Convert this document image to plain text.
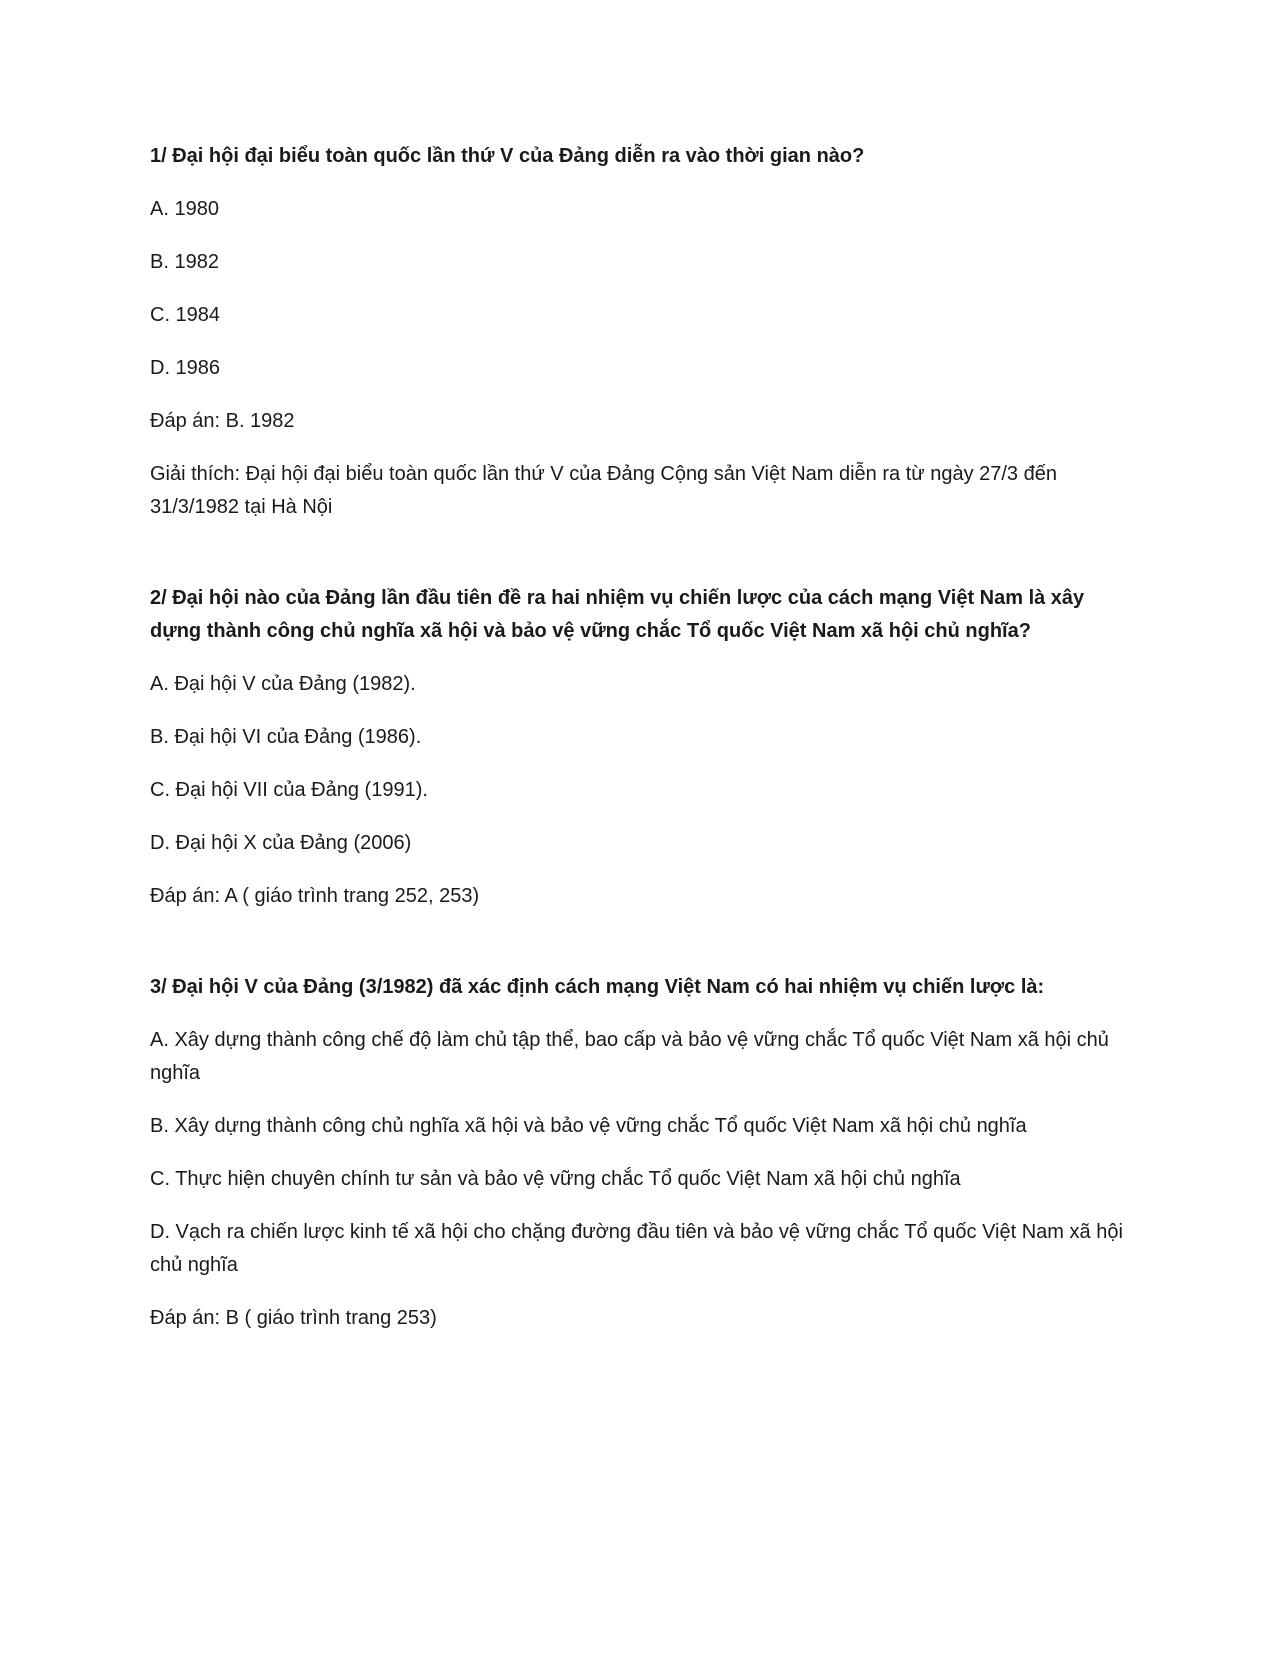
1/ Đại hội đại biểu toàn quốc lần thứ V của Đảng diễn ra vào thời gian nào?

A. 1980

B. 1982

C. 1984

D. 1986

Đáp án: B. 1982

Giải thích: Đại hội đại biểu toàn quốc lần thứ V của Đảng Cộng sản Việt Nam diễn ra từ ngày 27/3 đến 31/3/1982 tại Hà Nội

2/ Đại hội nào của Đảng lần đầu tiên đề ra hai nhiệm vụ chiến lược của cách mạng Việt Nam là xây dựng thành công chủ nghĩa xã hội và bảo vệ vững chắc Tổ quốc Việt Nam xã hội chủ nghĩa?

A. Đại hội V của Đảng (1982).

B. Đại hội VI của Đảng (1986).

C. Đại hội VII của Đảng (1991).

D. Đại hội X của Đảng (2006)

Đáp án: A ( giáo trình trang 252, 253)

3/ Đại hội V của Đảng (3/1982) đã xác định cách mạng Việt Nam có hai nhiệm vụ chiến lược là:

A. Xây dựng thành công chế độ làm chủ tập thể, bao cấp và bảo vệ vững chắc Tổ quốc Việt Nam xã hội chủ nghĩa

B. Xây dựng thành công chủ nghĩa xã hội và bảo vệ vững chắc Tổ quốc Việt Nam xã hội chủ nghĩa

C. Thực hiện chuyên chính tư sản và bảo vệ vững chắc Tổ quốc Việt Nam xã hội chủ nghĩa

D. Vạch ra chiến lược kinh tế xã hội cho chặng đường đầu tiên và bảo vệ vững chắc Tổ quốc Việt Nam xã hội chủ nghĩa

Đáp án: B ( giáo trình trang 253)
